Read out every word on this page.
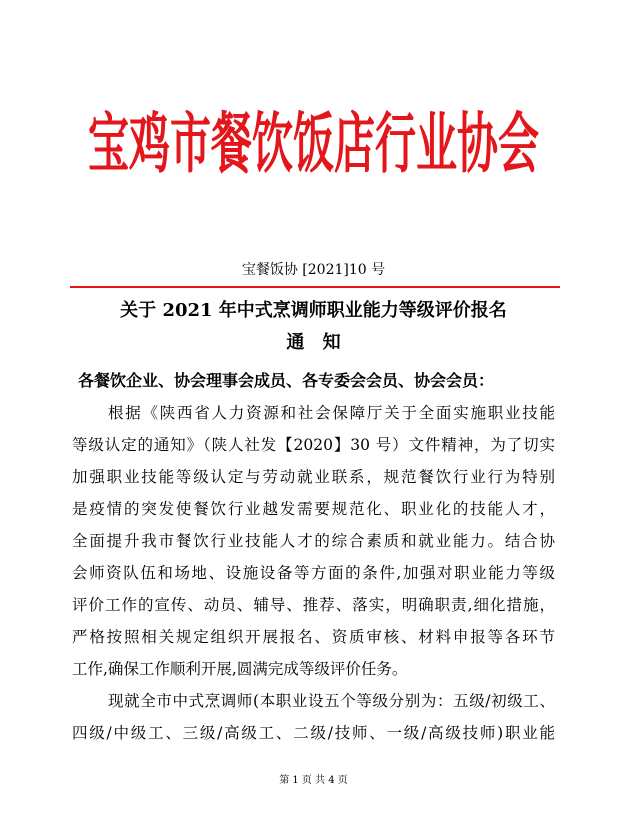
宝鸡市餐饮饭店行业协会
宝餐饭协 [2021]10 号
关于 2021 年中式烹调师职业能力等级评价报名
通 知
各餐饮企业、协会理事会成员、各专委会会员、协会会员：
根据《陕西省人力资源和社会保障厅关于全面实施职业技能
等级认定的通知》（陕人社发【2020】30 号）文件精神，为了切实
加强职业技能等级认定与劳动就业联系，规范餐饮行业行为特别
是疫情的突发使餐饮行业越发需要规范化、职业化的技能人才，
全面提升我市餐饮行业技能人才的综合素质和就业能力。结合协
会师资队伍和场地、设施设备等方面的条件,加强对职业能力等级
评价工作的宣传、动员、辅导、推荐、落实，明确职责,细化措施，
严格按照相关规定组织开展报名、资质审核、材料申报等各环节
工作,确保工作顺利开展,圆满完成等级评价任务。
现就全市中式烹调师(本职业设五个等级分别为：五级/初级工、
四级/中级工、三级/高级工、二级/技师、一级/高级技师)职业能
第 1 页 共 4 页
